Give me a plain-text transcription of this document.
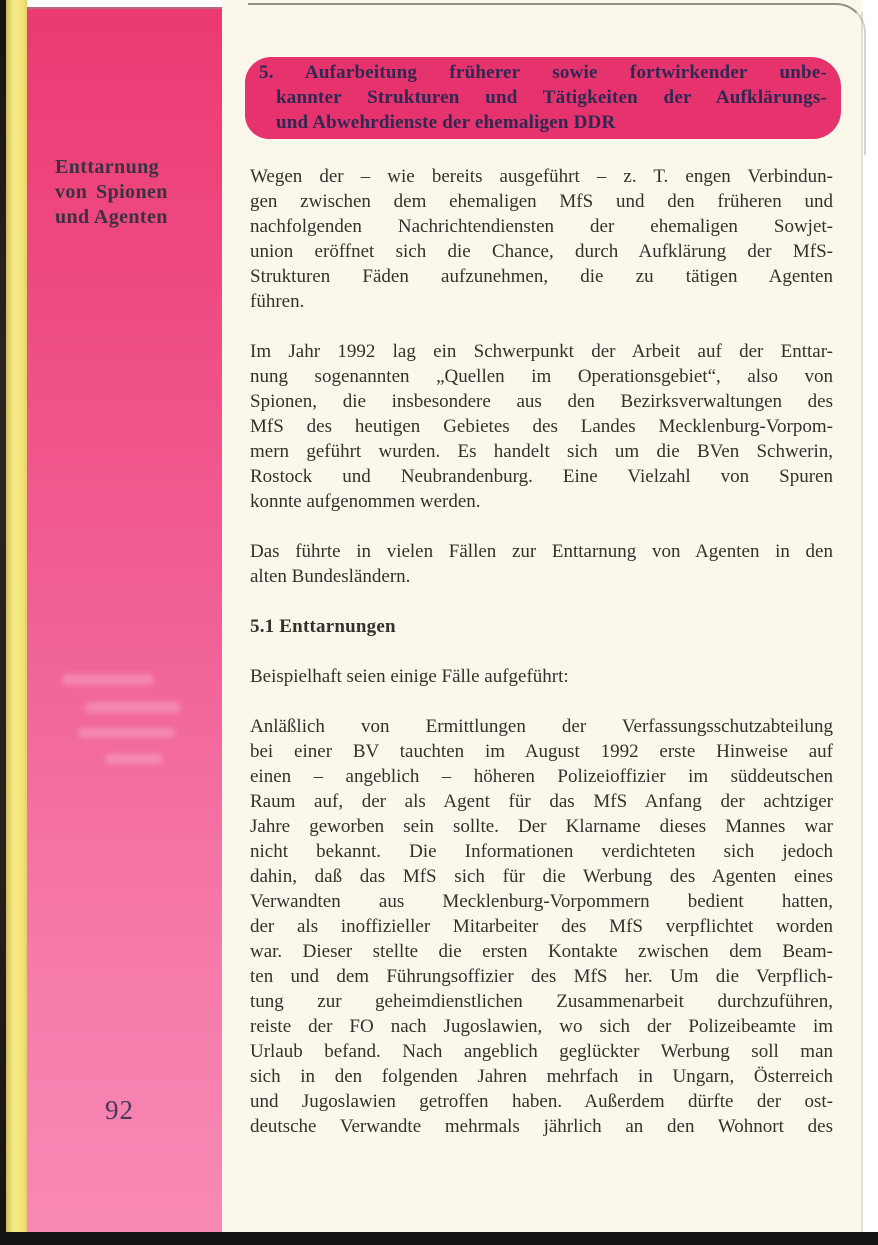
Enttarnung
von Spionen
und Agenten
92
5. Aufarbeitung früherer sowie fortwirkender unbe-
kannter Strukturen und Tätigkeiten der Aufklärungs-
und Abwehrdienste der ehemaligen DDR
Wegen der – wie bereits ausgeführt – z. T. engen Verbindun-
gen zwischen dem ehemaligen MfS und den früheren und
nachfolgenden Nachrichtendiensten der ehemaligen Sowjet-
union eröffnet sich die Chance, durch Aufklärung der MfS-
Strukturen Fäden aufzunehmen, die zu tätigen Agenten
führen.
Im Jahr 1992 lag ein Schwerpunkt der Arbeit auf der Enttar-
nung sogenannten „Quellen im Operationsgebiet“, also von
Spionen, die insbesondere aus den Bezirksverwaltungen des
MfS des heutigen Gebietes des Landes Mecklenburg-Vorpom-
mern geführt wurden. Es handelt sich um die BVen Schwerin,
Rostock und Neubrandenburg. Eine Vielzahl von Spuren
konnte aufgenommen werden.
Das führte in vielen Fällen zur Enttarnung von Agenten in den
alten Bundesländern.
5.1 Enttarnungen
Beispielhaft seien einige Fälle aufgeführt:
Anläßlich von Ermittlungen der Verfassungsschutzabteilung
bei einer BV tauchten im August 1992 erste Hinweise auf
einen – angeblich – höheren Polizeioffizier im süddeutschen
Raum auf, der als Agent für das MfS Anfang der achtziger
Jahre geworben sein sollte. Der Klarname dieses Mannes war
nicht bekannt. Die Informationen verdichteten sich jedoch
dahin, daß das MfS sich für die Werbung des Agenten eines
Verwandten aus Mecklenburg-Vorpommern bedient hatten,
der als inoffizieller Mitarbeiter des MfS verpflichtet worden
war. Dieser stellte die ersten Kontakte zwischen dem Beam-
ten und dem Führungsoffizier des MfS her. Um die Verpflich-
tung zur geheimdienstlichen Zusammenarbeit durchzuführen,
reiste der FO nach Jugoslawien, wo sich der Polizeibeamte im
Urlaub befand. Nach angeblich geglückter Werbung soll man
sich in den folgenden Jahren mehrfach in Ungarn, Österreich
und Jugoslawien getroffen haben. Außerdem dürfte der ost-
deutsche Verwandte mehrmals jährlich an den Wohnort des
